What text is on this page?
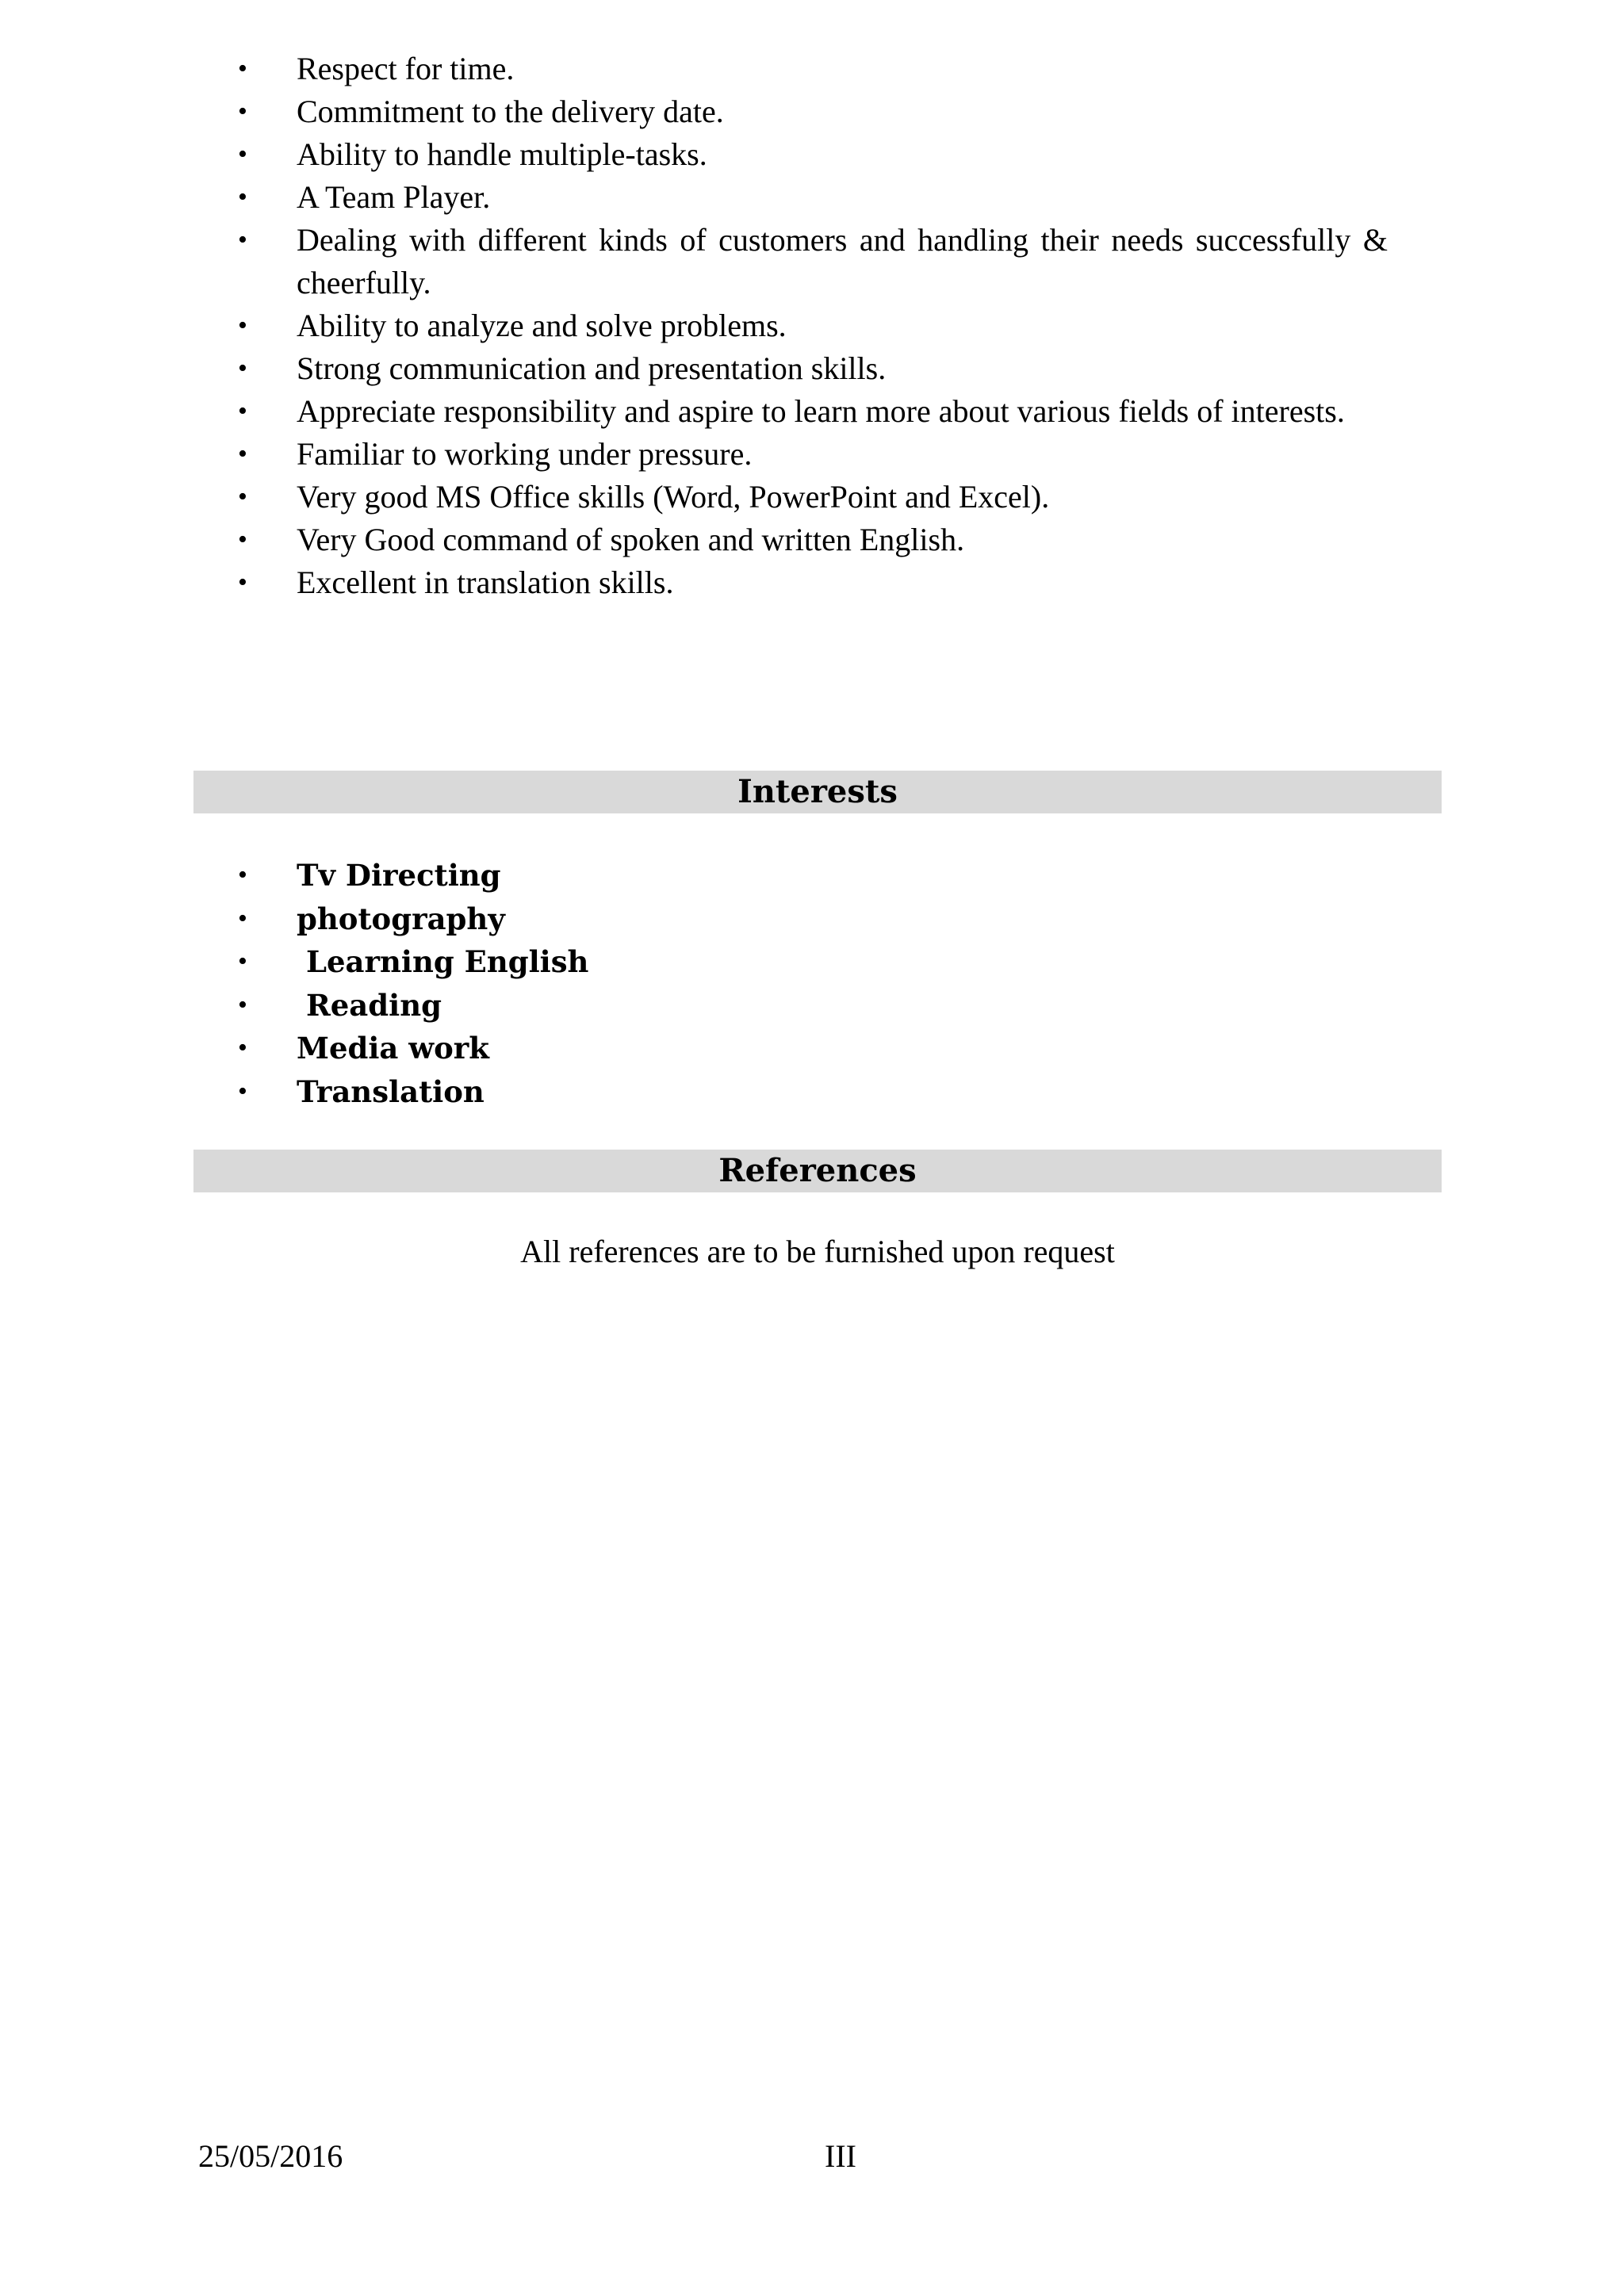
• Respect for time.
• Commitment to the delivery date.
• Ability to handle multiple-tasks.
• A Team Player.
• Dealing with different kinds of customers and handling their needs successfully & cheerfully.
• Ability to analyze and solve problems.
• Strong communication and presentation skills.
• Appreciate responsibility and aspire to learn more about various fields of interests.
• Familiar to working under pressure.
• Very good MS Office skills (Word, PowerPoint and Excel).
• Very Good command of spoken and written English.
• Excellent in translation skills.
Interests
• Tv Directing
• photography
• Learning English
• Reading
• Media work
• Translation
References
All references are to be furnished upon request
25/05/2016	III
